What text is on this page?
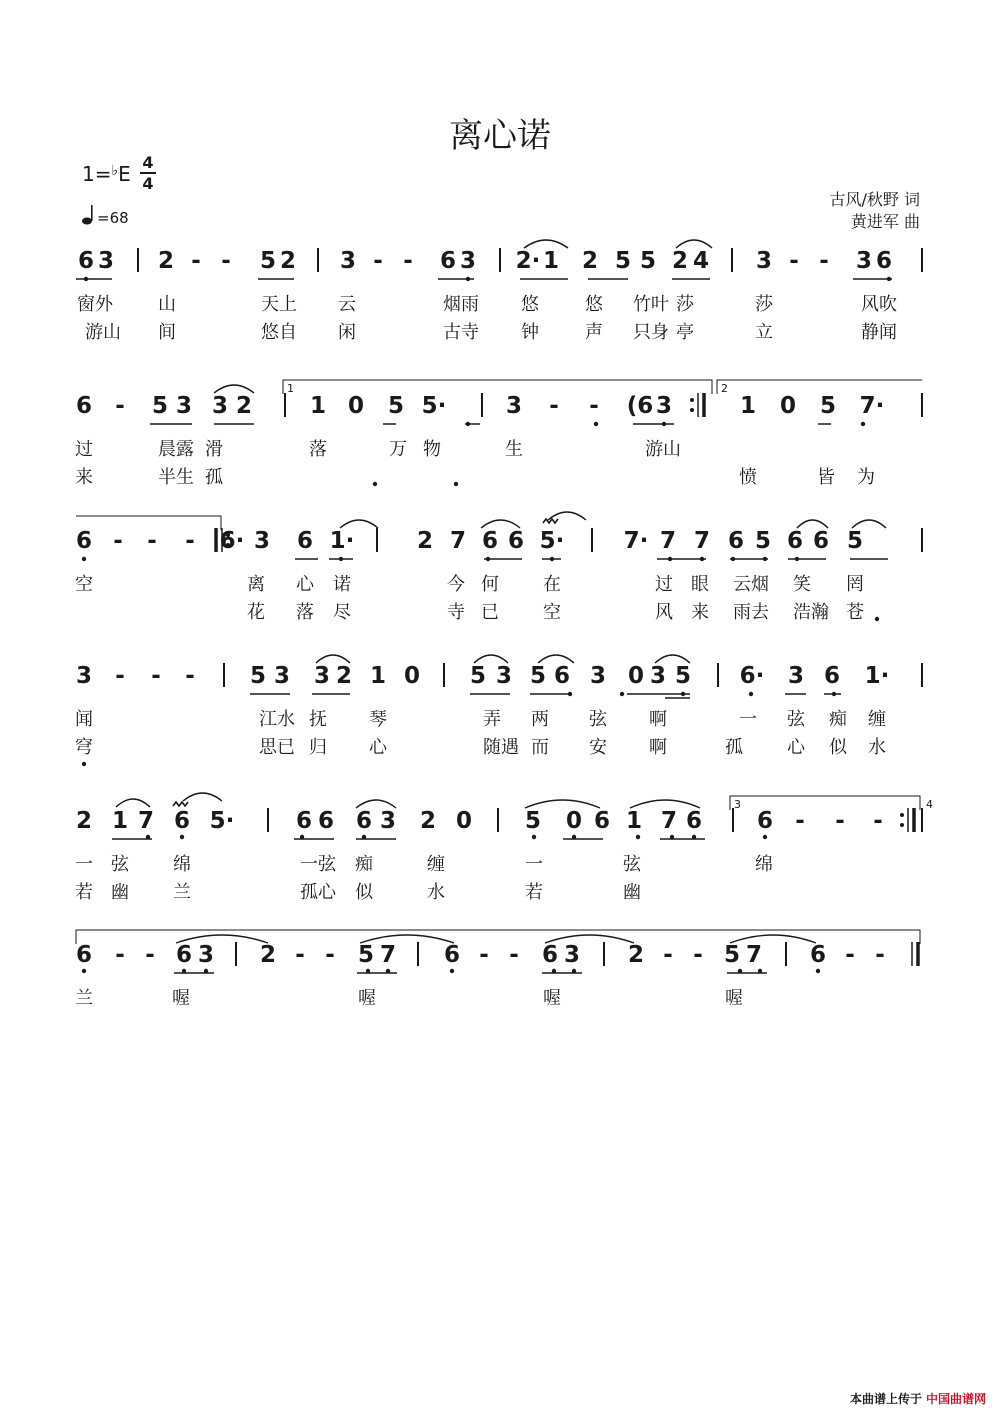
离心诺
1=♭E 4
4
=68
古风/秋野 词
黄进军 曲
6 3 2 - - 5 2 3 - - 6 3 2· 1 2 5 5 2 4 3 - - 3 6
窗外	山	天上 云	烟雨 悠	悠 竹叶 莎	莎	风吹
游山 间	悠自 闲	古寺 钟	声 只身 亭	立	静闻
6 - 5 3 3 2	1 0 5 5·	3 - - (6 3	1 0 5 7·
过	晨露 滑	落	万 物	生	游山
来	半生 孤	愤	皆 为
6 - - - 6· 3 6 1·	2 7 6 6 5·	7· 7 7 6 5 6 6 5
空	离 心 诺	今 何 在	过 眼 云烟 笑 罔
花 落 尽	寺 已 空	风 来 雨去 浩瀚 苍
3 - - - 5 3 3 2 1 0 5 3 5 6 3 0 3 5 6· 3 6 1·
闻	江水 抚 琴	弄 两 弦 啊	一 弦 痴 缠
穹	思已 归 心	随遇 而 安 啊	孤 心 似 水
2 1 7 6 5·	6 6 6 3 2 0 5 0 6 1 7 6 6 - - -
一 弦 绵	一弦 痴	缠	一	弦	绵
若 幽 兰	孤心 似	水	若	幽
6 - - 6 3 2 - - 5 7 6 - - 6 3 2 - - 5 7 6 - -
兰	喔	喔	喔	喔
1	2
3	4
本曲谱上传于 中国曲谱网
